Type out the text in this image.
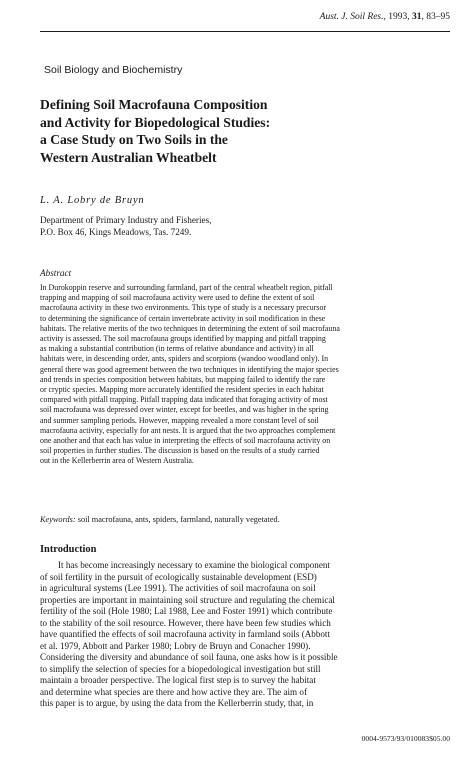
Aust. J. Soil Res., 1993, 31, 83–95
Soil Biology and Biochemistry
Defining Soil Macrofauna Composition
and Activity for Biopedological Studies:
a Case Study on Two Soils in the
Western Australian Wheatbelt
L. A. Lobry de Bruyn
Department of Primary Industry and Fisheries,
P.O. Box 46, Kings Meadows, Tas. 7249.
Abstract
In Durokoppin reserve and surrounding farmland, part of the central wheatbelt region, pitfall
trapping and mapping of soil macrofauna activity were used to define the extent of soil
macrofauna activity in these two environments. This type of study is a necessary precursor
to determining the significance of certain invertebrate activity in soil modification in these
habitats. The relative merits of the two techniques in determining the extent of soil macrofauna
activity is assessed. The soil macrofauna groups identified by mapping and pitfall trapping
as making a substantial contribution (in terms of relative abundance and activity) in all
habitats were, in descending order, ants, spiders and scorpions (wandoo woodland only). In
general there was good agreement between the two techniques in identifying the major species
and trends in species composition between habitats, but mapping failed to identify the rare
or cryptic species. Mapping more accurately identified the resident species in each habitat
compared with pitfall trapping. Pitfall trapping data indicated that foraging activity of most
soil macrofauna was depressed over winter, except for beetles, and was higher in the spring
and summer sampling periods. However, mapping revealed a more constant level of soil
macrofauna activity, especially for ant nests. It is argued that the two approaches complement
one another and that each has value in interpreting the effects of soil macrofauna activity on
soil properties in further studies. The discussion is based on the results of a study carried
out in the Kellerberrin area of Western Australia.
Keywords: soil macrofauna, ants, spiders, farmland, naturally vegetated.
Introduction
It has become increasingly necessary to examine the biological component
of soil fertility in the pursuit of ecologically sustainable development (ESD)
in agricultural systems (Lee 1991). The activities of soil macrofauna on soil
properties are important in maintaining soil structure and regulating the chemical
fertility of the soil (Hole 1980; Lal 1988, Lee and Foster 1991) which contribute
to the stability of the soil resource. However, there have been few studies which
have quantified the effects of soil macrofauna activity in farmland soils (Abbott
et al. 1979, Abbott and Parker 1980; Lobry de Bruyn and Conacher 1990).
Considering the diversity and abundance of soil fauna, one asks how is it possible
to simplify the selection of species for a biopedological investigation but still
maintain a broader perspective. The logical first step is to survey the habitat
and determine what species are there and how active they are. The aim of
this paper is to argue, by using the data from the Kellerberrin study, that, in
0004-9573/93/010083$05.00
